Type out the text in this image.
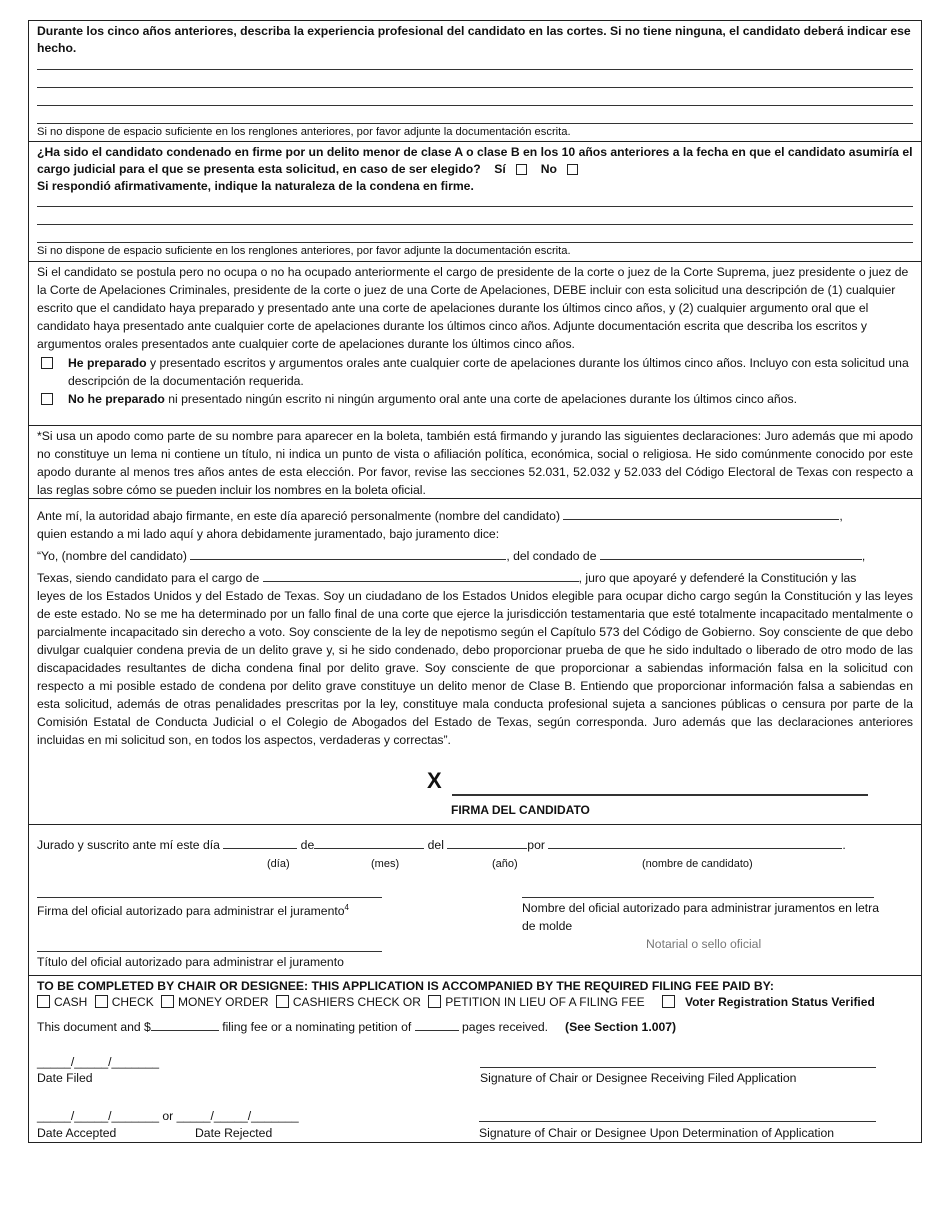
Durante los cinco años anteriores, describa la experiencia profesional del candidato en las cortes. Si no tiene ninguna, el candidato deberá indicar ese hecho.
Si no dispone de espacio suficiente en los renglones anteriores, por favor adjunte la documentación escrita.
¿Ha sido el candidato condenado en firme por un delito menor de clase A o clase B en los 10 años anteriores a la fecha en que el candidato asumiría el cargo judicial para el que se presenta esta solicitud, en caso de ser elegido? Sí	No
Si respondió afirmativamente, indique la naturaleza de la condena en firme.
Si no dispone de espacio suficiente en los renglones anteriores, por favor adjunte la documentación escrita.
Si el candidato se postula pero no ocupa o no ha ocupado anteriormente el cargo de presidente de la corte o juez de la Corte Suprema, juez presidente o juez de la Corte de Apelaciones Criminales, presidente de la corte o juez de una Corte de Apelaciones, DEBE incluir con esta solicitud una descripción de (1) cualquier escrito que el candidato haya preparado y presentado ante una corte de apelaciones durante los últimos cinco años, y (2) cualquier argumento oral que el candidato haya presentado ante cualquier corte de apelaciones durante los últimos cinco años. Adjunte documentación escrita que describa los escritos y argumentos orales presentados ante cualquier corte de apelaciones durante los últimos cinco años.
He preparado y presentado escritos y argumentos orales ante cualquier corte de apelaciones durante los últimos cinco años. Incluyo con esta solicitud una descripción de la documentación requerida.
No he preparado ni presentado ningún escrito ni ningún argumento oral ante una corte de apelaciones durante los últimos cinco años.
*Si usa un apodo como parte de su nombre para aparecer en la boleta, también está firmando y jurando las siguientes declaraciones: Juro además que mi apodo no constituye un lema ni contiene un título, ni indica un punto de vista o afiliación política, económica, social o religiosa. He sido comúnmente conocido por este apodo durante al menos tres años antes de esta elección. Por favor, revise las secciones 52.031, 52.032 y 52.033 del Código Electoral de Texas con respecto a las reglas sobre cómo se pueden incluir los nombres en la boleta oficial.
Ante mí, la autoridad abajo firmante, en este día apareció personalmente (nombre del candidato)	,
quien estando a mi lado aquí y ahora debidamente juramentado, bajo juramento dice:
“Yo, (nombre del candidato)	, del condado de	,
Texas, siendo candidato para el cargo de	, juro que apoyaré y defenderé la Constitución y las
leyes de los Estados Unidos y del Estado de Texas. Soy un ciudadano de los Estados Unidos elegible para ocupar dicho cargo según la Constitución y las leyes de este estado. No se me ha determinado por un fallo final de una corte que ejerce la jurisdicción testamentaria que esté totalmente incapacitado mentalmente o parcialmente incapacitado sin derecho a voto. Soy consciente de la ley de nepotismo según el Capítulo 573 del Código de Gobierno. Soy consciente de que debo divulgar cualquier condena previa de un delito grave y, si he sido condenado, debo proporcionar prueba de que he sido indultado o liberado de otro modo de las discapacidades resultantes de dicha condena final por delito grave. Soy consciente de que proporcionar a sabiendas información falsa en la solicitud con respecto a mi posible estado de condena por delito grave constituye un delito menor de Clase B. Entiendo que proporcionar información falsa a sabiendas en esta solicitud, además de otras penalidades prescritas por la ley, constituye mala conducta profesional sujeta a sanciones públicas o censura por parte de la Comisión Estatal de Conducta Judicial o el Colegio de Abogados del Estado de Texas, según corresponda. Juro además que las declaraciones anteriores incluidas en mi solicitud son, en todos los aspectos, verdaderas y correctas”.
X
FIRMA DEL CANDIDATO
Jurado y suscrito ante mí este día	de	del	por	.
(día)	(mes)	(año)	(nombre de candidato)
Firma del oficial autorizado para administrar el juramento$^4$	Nombre del oficial autorizado para administrar juramentos en letra de molde
Notarial o sello oficial
Título del oficial autorizado para administrar el juramento
TO BE COMPLETED BY CHAIR OR DESIGNEE: THIS APPLICATION IS ACCOMPANIED BY THE REQUIRED FILING FEE PAID BY:
CASH CHECK MONEY ORDER CASHIERS CHECK OR PETITION IN LIEU OF A FILING FEE	Voter Registration Status Verified
This document and $	filing fee or a nominating petition of	pages received. (See Section 1.007)
_____/_____/_______
Date Filed	Signature of Chair or Designee Receiving Filed Application
_____/_____/_______ or _____/_____/_______
Date Accepted	Date Rejected	Signature of Chair or Designee Upon Determination of Application
